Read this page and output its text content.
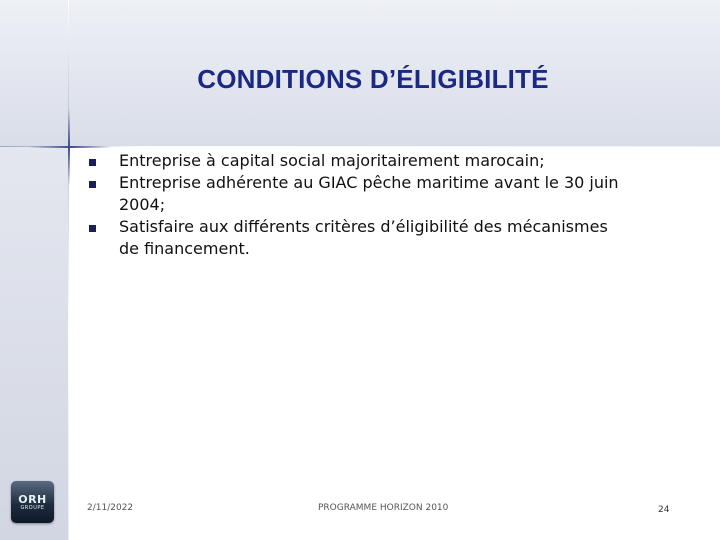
CONDITIONS D’ÉLIGIBILITÉ
Entreprise à capital social majoritairement marocain;
Entreprise adhérente au GIAC pêche maritime avant le 30 juin 2004;
Satisfaire aux différents critères d’éligibilité des mécanismes de financement.
ORH
GROUPE	2/11/2022	PROGRAMME HORIZON 2010	24
